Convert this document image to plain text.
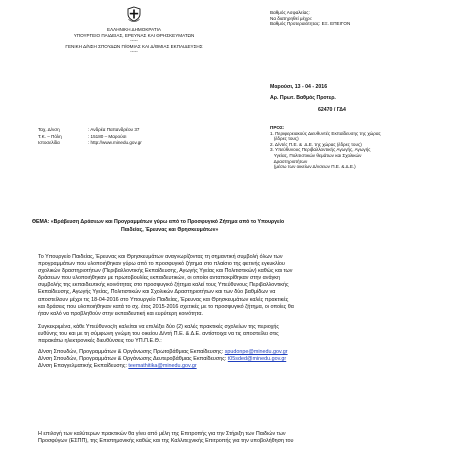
ΕΛΛΗΝΙΚΗ ΔΗΜΟΚΡΑΤΙΑ
ΥΠΟΥΡΓΕΙΟ ΠΑΙΔΕΙΑΣ, ΕΡΕΥΝΑΣ ΚΑΙ ΘΡΗΣΚΕΥΜΑΤΩΝ
-----
ΓΕΝΙΚΗ Δ/ΝΣΗ ΣΠΟΥΔΩΝ Π/ΘΜΙΑΣ ΚΑΙ Δ/ΘΜΙΑΣ ΕΚΠΑΙΔΕΥΣΗΣ
-----
Βαθμός Ασφαλείας:
Να διατηρηθεί μέχρι:
Βαθμός Προτεραιότητας: ΕΞ. ΕΠΕΙΓΟΝ
Μαρούσι, 13 - 04 - 2016
Αρ. Πρωτ. Βαθμός Προτερ.
62470 / ΓΔ4
Ταχ. Δ/νση	: Ανδρέα Παπανδρέου 37
Τ.Κ. – Πόλη	: 15180 – Μαρούσι
Ιστοσελίδα	: http://www.minedu.gov.gr
ΠΡΟΣ:
1. Περιφερειακούς Διευθυντές Εκπαίδευσης της χώρας
(έδρες τους)
2. Δ/ντές Π.Ε. &  Δ.Ε. της χώρας (έδρες τους)
3. Υπεύθυνους Περιβαλλοντικής Αγωγής, Αγωγής
Υγείας, Πολιτιστικών θεμάτων και Σχολικών
Δραστηριοτήτων
(μέσω των οικείων Δ/νσεων Π.Ε. & Δ.Ε.)
ΘΕΜΑ: «Βράβευση Δράσεων και Προγραμμάτων γύρω από το Προσφυγικό Ζήτημα από το Υπουργείο
Παιδείας, Έρευνας και Θρησκευμάτων»
Το Υπουργείο Παιδείας, Έρευνας και Θρησκευμάτων αναγνωρίζοντας τη σημαντική συμβολή όλων των
προγραμμάτων που υλοποιήθηκαν γύρω από το προσφυγικό ζήτημα στο πλαίσιο της φετινής εγκυκλίου
σχολικών δραστηριοτήτων (Περιβαλλοντικής Εκπαίδευσης, Αγωγής Υγείας και Πολιτιστικών) καθώς και των
δράσεων που υλοποιήθηκαν με πρωτοβουλίες εκπαιδευτικών, οι οποίοι ανταποκρίθηκαν στην ανάγκη
συμβολής της εκπαιδευτικής κοινότητας στο προσφυγικό ζήτημα καλεί τους Υπεύθυνους Περιβαλλοντικής
Εκπαίδευσης, Αγωγής Υγείας, Πολιτιστικών και Σχολικών Δραστηριοτήτων και των δύο βαθμίδων να
αποστείλουν μέχρι τις 18-04-2016 στο Υπουργείο Παιδείας, Έρευνας και Θρησκευμάτων καλές πρακτικές
και δράσεις που υλοποιήθηκαν κατά το σχ. έτος 2015-2016 σχετικές με το προσφυγικό ζήτημα, οι οποίες θα
ήταν καλό να προβληθούν στην εκπαιδευτική και ευρύτερη κοινότητα.
Συγκεκριμένα, κάθε Υπεύθυνος/η καλείται να επιλέξει δύο (2) καλές πρακτικές σχολείων της περιοχής
ευθύνης του και με τη σύμφωνη γνώμη του οικείου Δ/ντή Π.Ε. & Δ.Ε. αντίστοιχα να τις αποστείλει στις
παρακάτω ηλεκτρονικές διευθύνσεις του ΥΠ.Π.Ε.Θ.:
Δ/νση Σπουδών, Προγραμμάτων & Οργάνωσης Πρωτοβάθμιας Εκπαίδευσης: spudonpe@minedu.gov.gr
Δ/νση Σπουδών, Προγραμμάτων & Οργάνωσης Δευτεροβάθμιας Εκπαίδευσης: t05sded@minedu.gov.gr
Δ/νση Επαγγελματικής Εκπαίδευσης: teemathitika@minedu.gov.gr
Η επιλογή των καλύτερων πρακτικών θα γίνει από μέλη της Επιτροπής για την Στήριξη των Παιδιών των
Προσφύγων (ΕΣΠΠ), της Επιστημονικής καθώς και της Καλλιτεχνικής Επιτροπής για την υποβολήθηση του
